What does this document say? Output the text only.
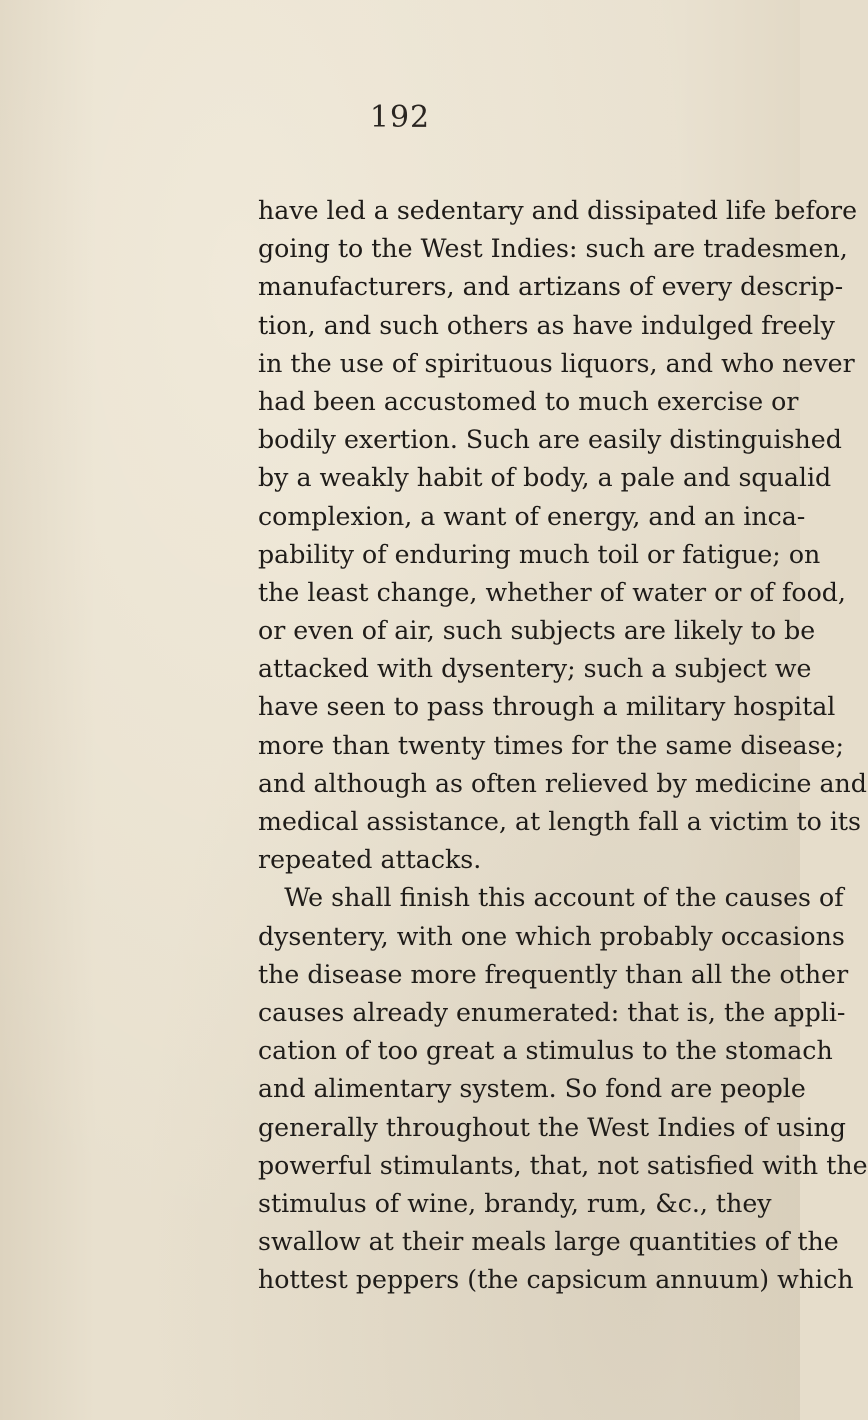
192
have led a sedentary and dissipated life before
going to the West Indies: such are tradesmen,
manufacturers, and artizans of every descrip-
tion, and such others as have indulged freely
in the use of spirituous liquors, and who never
had been accustomed to much exercise or
bodily exertion. Such are easily distinguished
by a weakly habit of body, a pale and squalid
complexion, a want of energy, and an inca-
pability of enduring much toil or fatigue; on
the least change, whether of water or of food,
or even of air, such subjects are likely to be
attacked with dysentery; such a subject we
have seen to pass through a military hospital
more than twenty times for the same disease;
and although as often relieved by medicine and
medical assistance, at length fall a victim to its
repeated attacks.
We shall finish this account of the causes of
dysentery, with one which probably occasions
the disease more frequently than all the other
causes already enumerated: that is, the appli-
cation of too great a stimulus to the stomach
and alimentary system. So fond are people
generally throughout the West Indies of using
powerful stimulants, that, not satisfied with the
stimulus of wine, brandy, rum, &c., they
swallow at their meals large quantities of the
hottest peppers (the capsicum annuum) which
